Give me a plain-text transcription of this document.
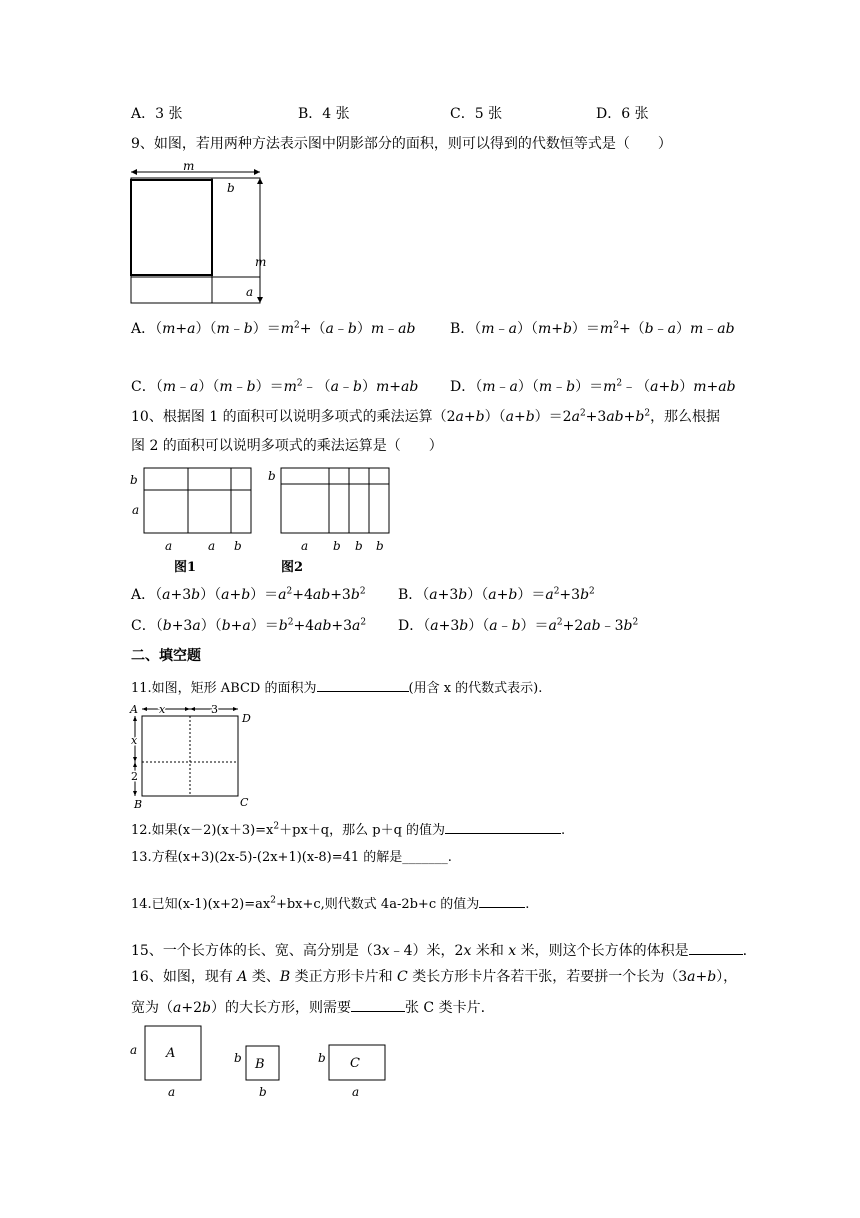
A．3 张	B．4 张	C．5 张	D．6 张
9、如图，若用两种方法表示图中阴影部分的面积，则可以得到的代数恒等式是（　　）
m
b
a
m
A．$(m+a)(m﹣b)=m^2+(a﹣b)m﹣ab$ B．$(m﹣a)(m+b)=m^2+(b﹣a)m﹣ab$
C．$(m﹣a)(m﹣b)=m^2﹣(a﹣b)m+ab$ D．$(m﹣a)(m﹣b)=m^2﹣(a+b)m+ab$
10、根据图 1 的面积可以说明多项式的乘法运算$(2a+b)(a+b)=2a^2+3ab+b^2$，那么根据
图 2 的面积可以说明多项式的乘法运算是（　　）
b
a
a	a b
图1
b
a b b b
图2
A．$(a+3b)(a+b)=a^2+4ab+3b^2$ B．$(a+3b)(a+b)=a^2+3b^2$
C．$(b+3a)(b+a)=b^2+4ab+3a^2$ D．$(a+3b)(a﹣b)=a^2+2ab﹣3b^2$
二、填空题
11.如图，矩形 ABCD 的面积为	(用含 x 的代数式表示).
x	3
x
2
A
D
B	C
12.如果$(x-2)(x+3)=x^2+px+q$，那么 p＋q 的值为	.
13.方程(x+3)(2x-5)-(2x+1)(x-8)=41 的解是_______.
14.已知$(x-1)(x+2)=ax^2+bx+c$,则代数式 4a-2b+c 的值为	.
15、一个长方体的长、宽、高分别是（3x﹣4）米，2x 米和 x 米，则这个长方体的体积是	.
16、如图，现有 A 类、B 类正方形卡片和 C 类长方形卡片各若干张，若要拼一个长为（3a+b），
宽为（a+2b）的大长方形，则需要	张 C 类卡片.
a A
a
b B
b
b C
a
